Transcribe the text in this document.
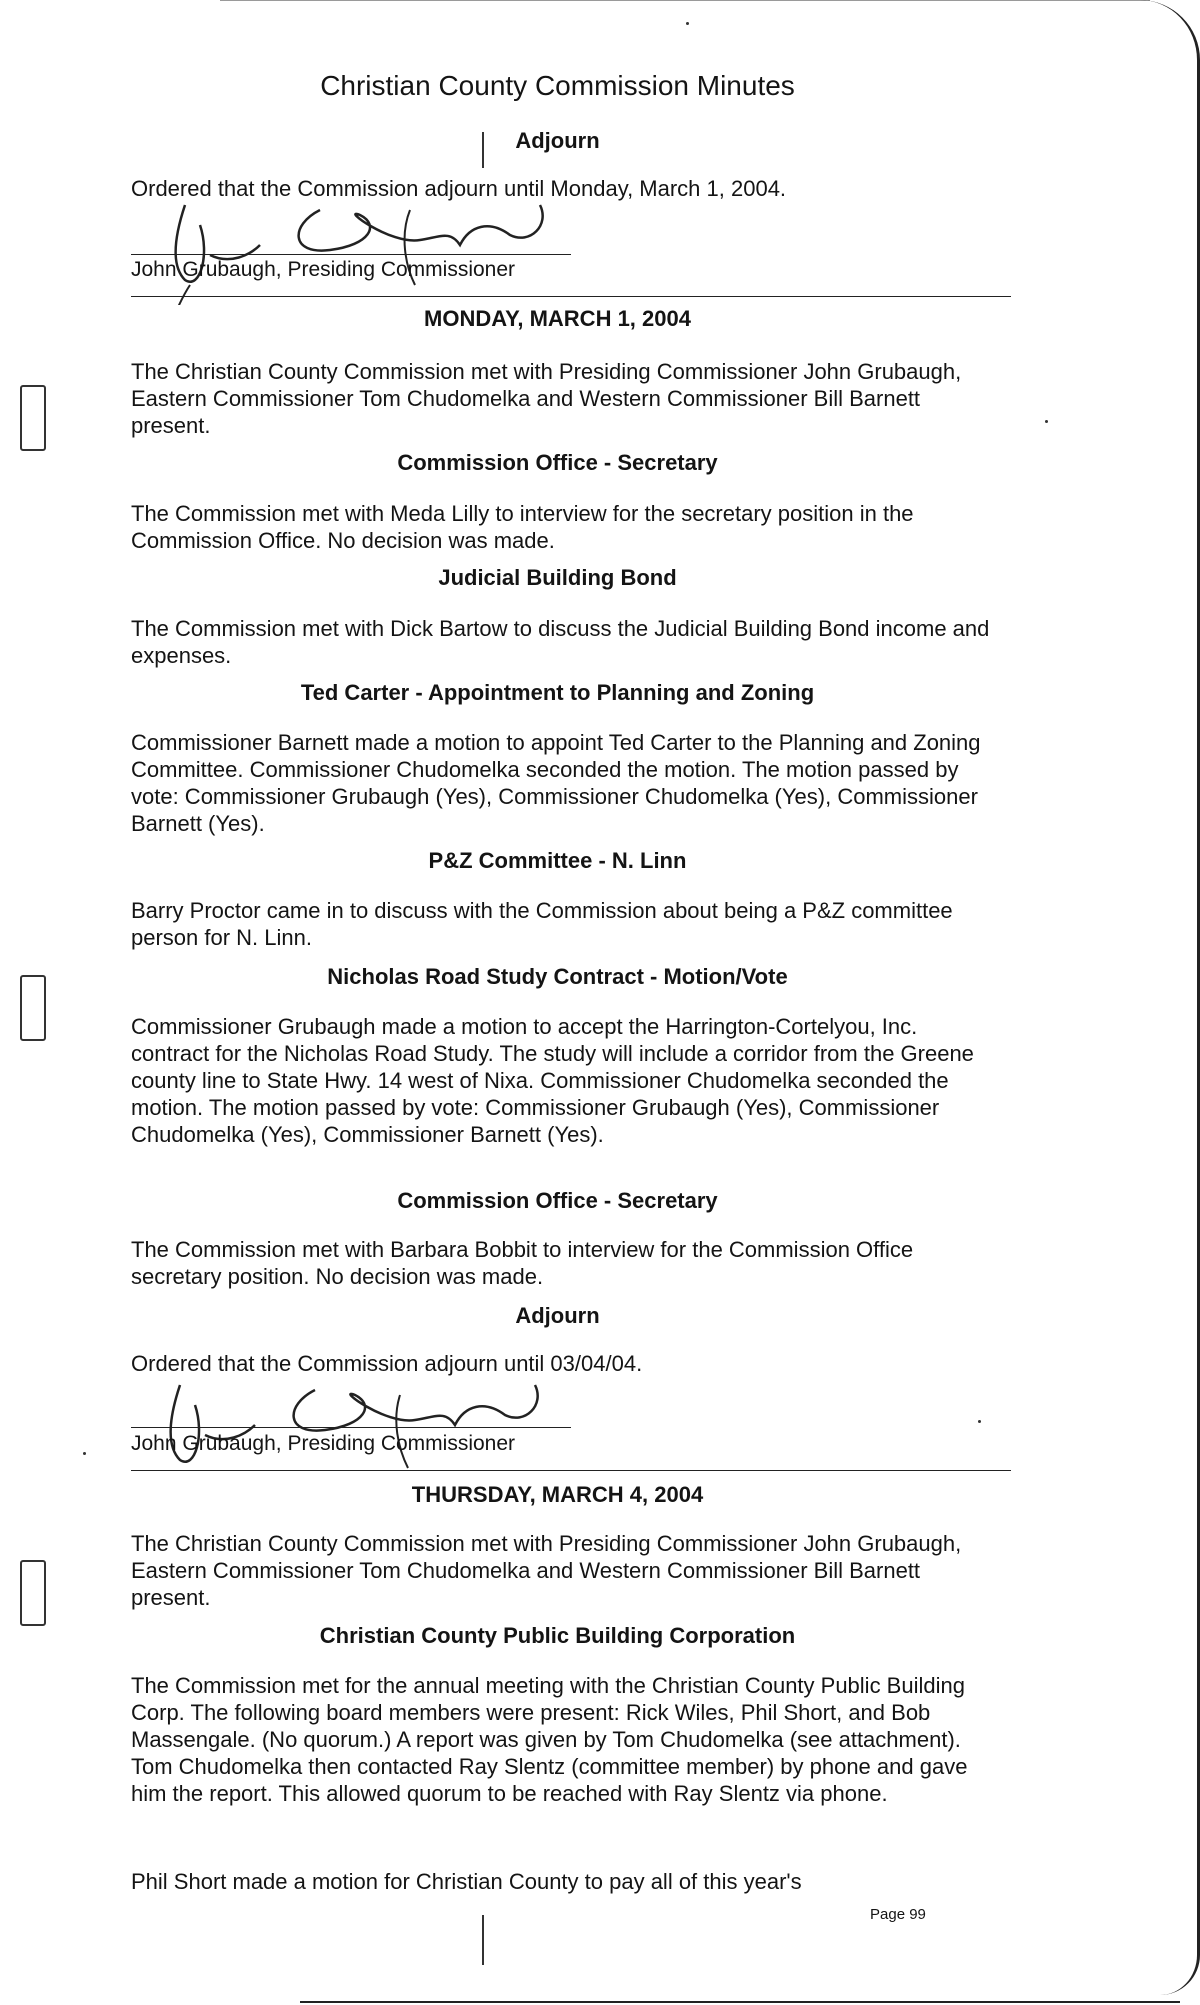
Christian County Commission Minutes
Adjourn
Ordered that the Commission adjourn until Monday, March 1, 2004.
John Grubaugh, Presiding Commissioner
MONDAY, MARCH 1, 2004
The Christian County Commission met with Presiding Commissioner John Grubaugh, Eastern Commissioner Tom Chudomelka and Western Commissioner Bill Barnett present.
Commission Office - Secretary
The Commission met with Meda Lilly to interview for the secretary position in the Commission Office. No decision was made.
Judicial Building Bond
The Commission met with Dick Bartow to discuss the Judicial Building Bond income and expenses.
Ted Carter - Appointment to Planning and Zoning
Commissioner Barnett made a motion to appoint Ted Carter to the Planning and Zoning Committee. Commissioner Chudomelka seconded the motion. The motion passed by vote: Commissioner Grubaugh (Yes), Commissioner Chudomelka (Yes), Commissioner Barnett (Yes).
P&Z Committee - N. Linn
Barry Proctor came in to discuss with the Commission about being a P&Z committee person for N. Linn.
Nicholas Road Study Contract - Motion/Vote
Commissioner Grubaugh made a motion to accept the Harrington-Cortelyou, Inc. contract for the Nicholas Road Study. The study will include a corridor from the Greene county line to State Hwy. 14 west of Nixa. Commissioner Chudomelka seconded the motion. The motion passed by vote: Commissioner Grubaugh (Yes), Commissioner Chudomelka (Yes), Commissioner Barnett (Yes).
Commission Office - Secretary
The Commission met with Barbara Bobbit to interview for the Commission Office secretary position. No decision was made.
Adjourn
Ordered that the Commission adjourn until 03/04/04.
John Grubaugh, Presiding Commissioner
THURSDAY, MARCH 4, 2004
The Christian County Commission met with Presiding Commissioner John Grubaugh, Eastern Commissioner Tom Chudomelka and Western Commissioner Bill Barnett present.
Christian County Public Building Corporation
The Commission met for the annual meeting with the Christian County Public Building Corp. The following board members were present: Rick Wiles, Phil Short, and Bob Massengale. (No quorum.) A report was given by Tom Chudomelka (see attachment). Tom Chudomelka then contacted Ray Slentz (committee member) by phone and gave him the report. This allowed quorum to be reached with Ray Slentz via phone.
Phil Short made a motion for Christian County to pay all of this year's
Page 99
